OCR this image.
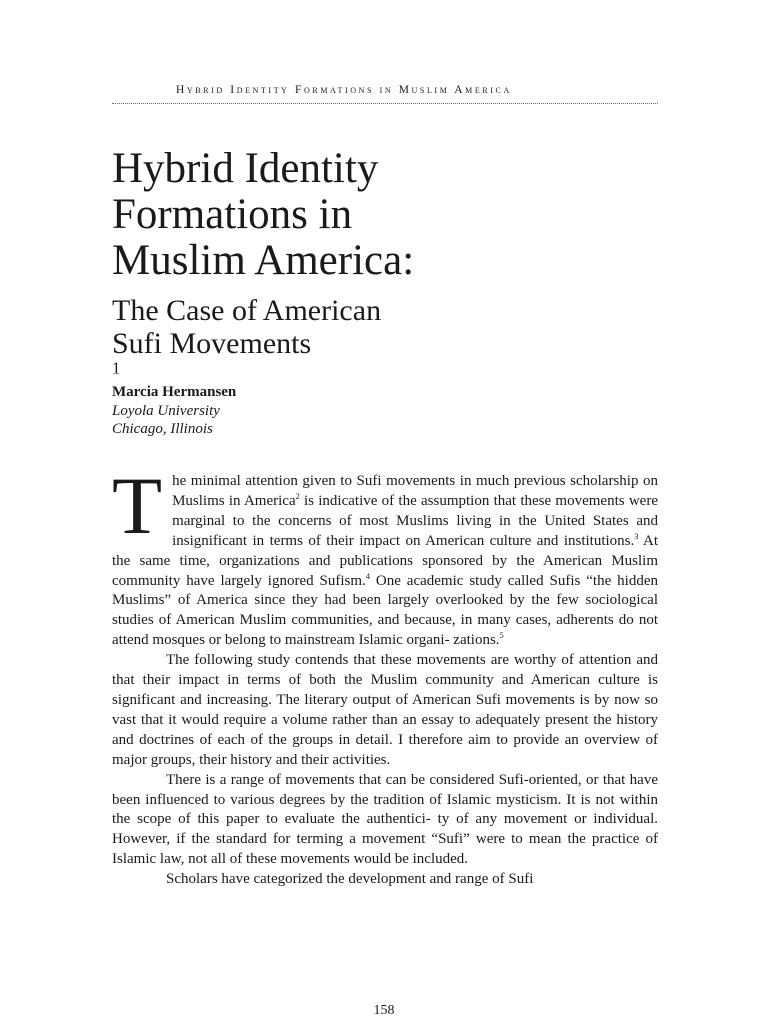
Hybrid Identity Formations in Muslim America
Hybrid Identity
Formations in
Muslim America:
The Case of American
Sufi Movements
$^1$
Marcia Hermansen
Loyola University
Chicago, Illinois

The minimal attention given to Sufi movements in much previous scholarship on Muslims in America$^2$ is indicative of the assumption that these movements were marginal to the concerns of most Muslims living in the United States and insignificant in terms of their impact on American culture and institutions.$^3$ At the same time, organizations and publications sponsored by the American Muslim community have largely ignored Sufism.$^4$ One academic study called Sufis “the hidden Muslims” of America since they had been largely overlooked by the few sociological studies of American Muslim communities, and because, in many cases, adherents do not attend mosques or belong to mainstream Islamic organi- zations.$^5$

The following study contends that these movements are worthy of attention and that their impact in terms of both the Muslim community and American culture is significant and increasing. The literary output of American Sufi movements is by now so vast that it would require a volume rather than an essay to adequately present the history and doctrines of each of the groups in detail. I therefore aim to provide an overview of major groups, their history and their activities.

There is a range of movements that can be considered Sufi-oriented, or that have been influenced to various degrees by the tradition of Islamic mysticism. It is not within the scope of this paper to evaluate the authentici- ty of any movement or individual. However, if the standard for terming a movement “Sufi” were to mean the practice of Islamic law, not all of these movements would be included.

Scholars have categorized the development and range of Sufi

158
